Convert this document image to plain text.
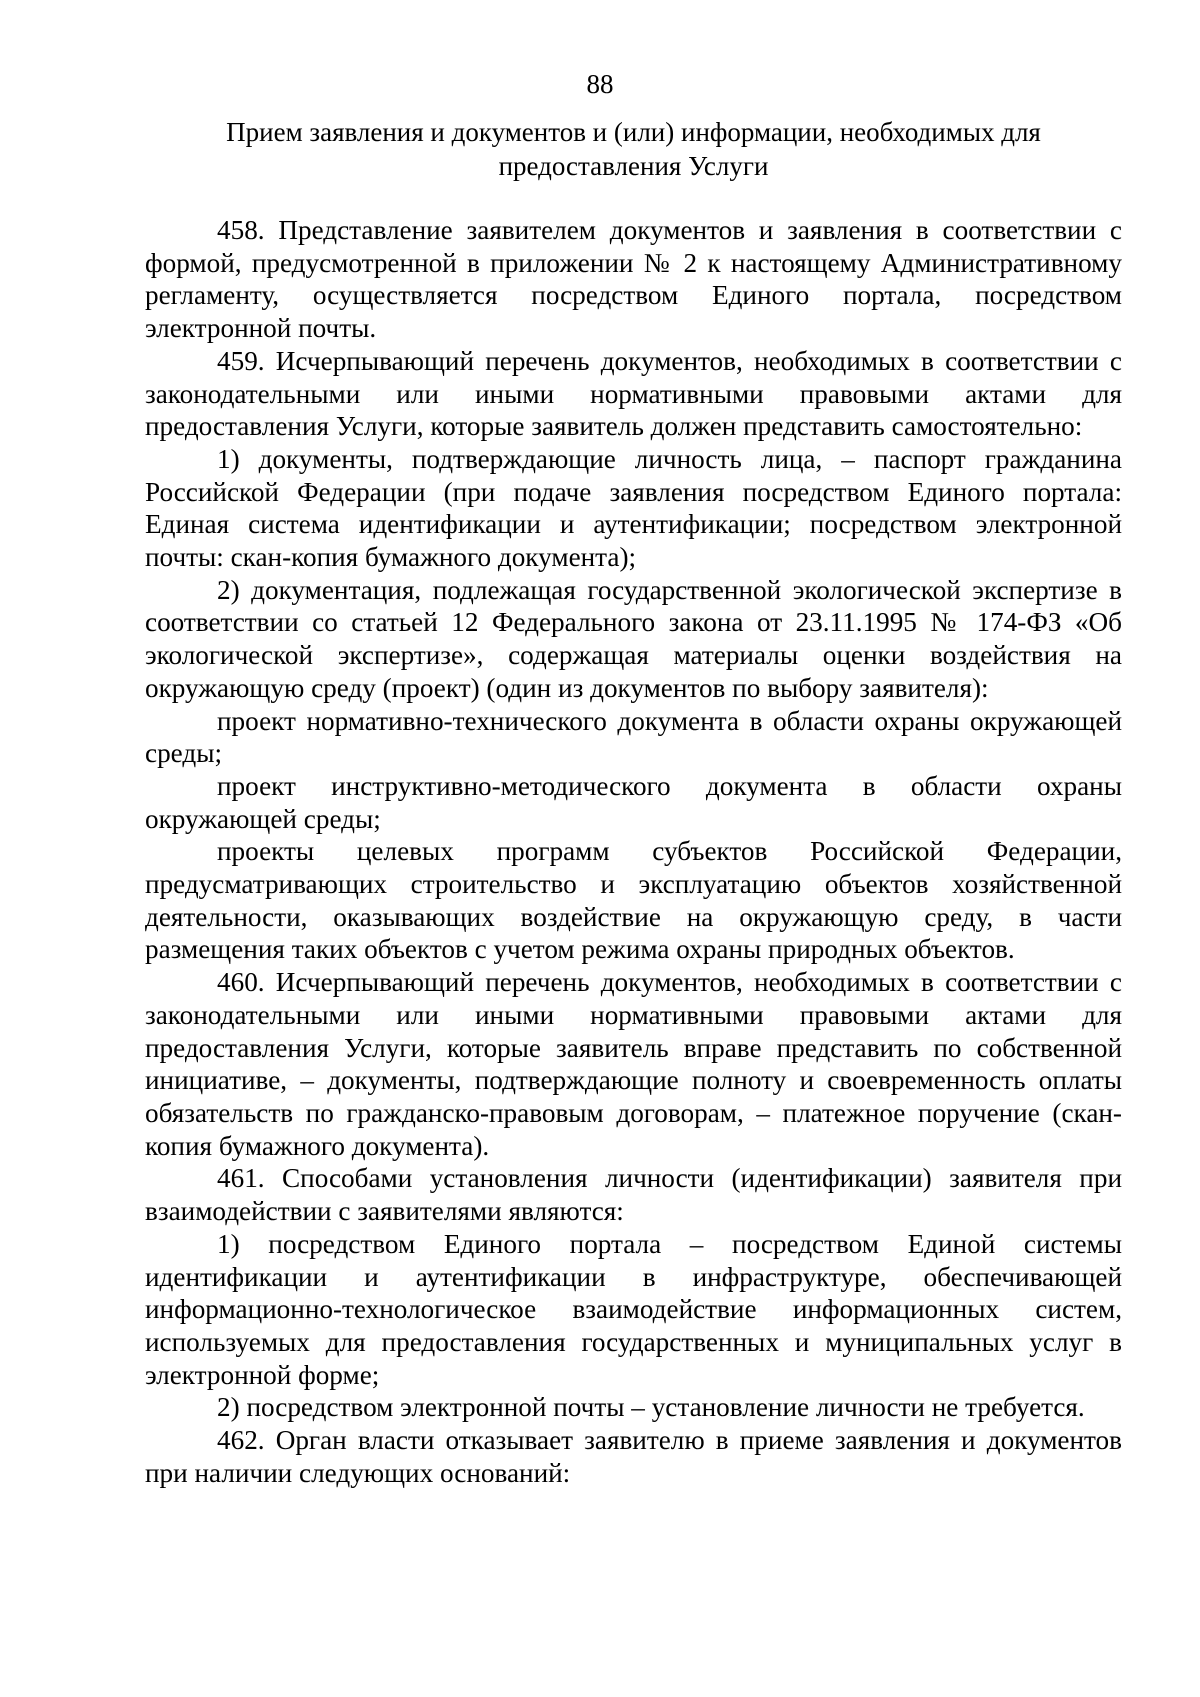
88
Прием заявления и документов и (или) информации, необходимых для предоставления Услуги

458. Представление заявителем документов и заявления в соответствии с формой, предусмотренной в приложении № 2 к настоящему Административному регламенту, осуществляется посредством Единого портала, посредством электронной почты.

459. Исчерпывающий перечень документов, необходимых в соответствии с законодательными или иными нормативными правовыми актами для предоставления Услуги, которые заявитель должен представить самостоятельно:

1) документы, подтверждающие личность лица, – паспорт гражданина Российской Федерации (при подаче заявления посредством Единого портала: Единая система идентификации и аутентификации; посредством электронной почты: скан-копия бумажного документа);

2) документация, подлежащая государственной экологической экспертизе в соответствии со статьей 12 Федерального закона от 23.11.1995 № 174-ФЗ «Об экологической экспертизе», содержащая материалы оценки воздействия на окружающую среду (проект) (один из документов по выбору заявителя):

проект нормативно-технического документа в области охраны окружающей среды;

проект инструктивно-методического документа в области охраны окружающей среды;

проекты целевых программ субъектов Российской Федерации, предусматривающих строительство и эксплуатацию объектов хозяйственной деятельности, оказывающих воздействие на окружающую среду, в части размещения таких объектов с учетом режима охраны природных объектов.

460. Исчерпывающий перечень документов, необходимых в соответствии с законодательными или иными нормативными правовыми актами для предоставления Услуги, которые заявитель вправе представить по собственной инициативе, – документы, подтверждающие полноту и своевременность оплаты обязательств по гражданско-правовым договорам, – платежное поручение (скан-копия бумажного документа).

461. Способами установления личности (идентификации) заявителя при взаимодействии с заявителями являются:

1) посредством Единого портала – посредством Единой системы идентификации и аутентификации в инфраструктуре, обеспечивающей информационно-технологическое взаимодействие информационных систем, используемых для предоставления государственных и муниципальных услуг в электронной форме;

2) посредством электронной почты – установление личности не требуется.

462. Орган власти отказывает заявителю в приеме заявления и документов при наличии следующих оснований:
